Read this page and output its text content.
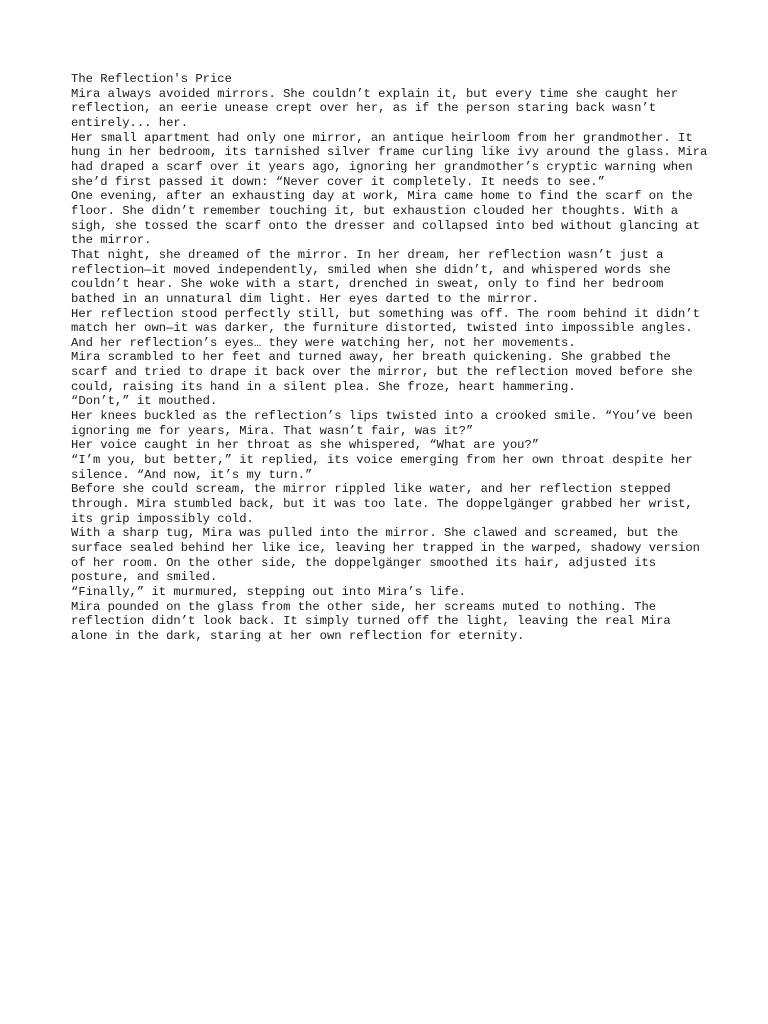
The Reflection's Price

Mira always avoided mirrors. She couldn’t explain it, but every time she caught her reflection, an eerie unease crept over her, as if the person staring back wasn’t entirely... her.

Her small apartment had only one mirror, an antique heirloom from her grandmother. It hung in her bedroom, its tarnished silver frame curling like ivy around the glass. Mira had draped a scarf over it years ago, ignoring her grandmother’s cryptic warning when she’d first passed it down: “Never cover it completely. It needs to see.”

One evening, after an exhausting day at work, Mira came home to find the scarf on the floor. She didn’t remember touching it, but exhaustion clouded her thoughts. With a sigh, she tossed the scarf onto the dresser and collapsed into bed without glancing at the mirror.

That night, she dreamed of the mirror. In her dream, her reflection wasn’t just a reflection—it moved independently, smiled when she didn’t, and whispered words she couldn’t hear. She woke with a start, drenched in sweat, only to find her bedroom bathed in an unnatural dim light. Her eyes darted to the mirror.

Her reflection stood perfectly still, but something was off. The room behind it didn’t match her own—it was darker, the furniture distorted, twisted into impossible angles. And her reflection’s eyes… they were watching her, not her movements.

Mira scrambled to her feet and turned away, her breath quickening. She grabbed the scarf and tried to drape it back over the mirror, but the reflection moved before she could, raising its hand in a silent plea. She froze, heart hammering.

“Don’t,” it mouthed.

Her knees buckled as the reflection’s lips twisted into a crooked smile. “You’ve been ignoring me for years, Mira. That wasn’t fair, was it?”

Her voice caught in her throat as she whispered, “What are you?”

“I’m you, but better,” it replied, its voice emerging from her own throat despite her silence. “And now, it’s my turn.”

Before she could scream, the mirror rippled like water, and her reflection stepped through. Mira stumbled back, but it was too late. The doppelgänger grabbed her wrist, its grip impossibly cold.

With a sharp tug, Mira was pulled into the mirror. She clawed and screamed, but the surface sealed behind her like ice, leaving her trapped in the warped, shadowy version of her room. On the other side, the doppelgänger smoothed its hair, adjusted its posture, and smiled.

“Finally,” it murmured, stepping out into Mira’s life.

Mira pounded on the glass from the other side, her screams muted to nothing. The reflection didn’t look back. It simply turned off the light, leaving the real Mira alone in the dark, staring at her own reflection for eternity.
